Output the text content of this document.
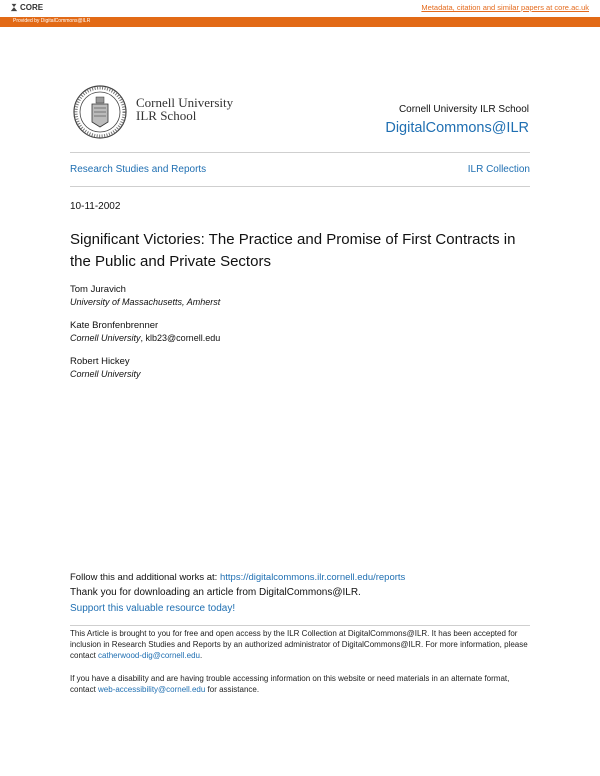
CORE	Metadata, citation and similar papers at core.ac.uk
Provided by DigitalCommons@ILR
Cornell University
ILR School	Cornell University ILR School
DigitalCommons@ILR
Research Studies and Reports	ILR Collection
10-11-2002
Significant Victories: The Practice and Promise of First Contracts in the Public and Private Sectors
Tom Juravich
University of Massachusetts, Amherst
Kate Bronfenbrenner
Cornell University, klb23@cornell.edu
Robert Hickey
Cornell University
Follow this and additional works at: https://digitalcommons.ilr.cornell.edu/reports
Thank you for downloading an article from DigitalCommons@ILR.
Support this valuable resource today!
This Article is brought to you for free and open access by the ILR Collection at DigitalCommons@ILR. It has been accepted for inclusion in Research Studies and Reports by an authorized administrator of DigitalCommons@ILR. For more information, please contact catherwood-dig@cornell.edu.
If you have a disability and are having trouble accessing information on this website or need materials in an alternate format, contact web-accessibility@cornell.edu for assistance.
